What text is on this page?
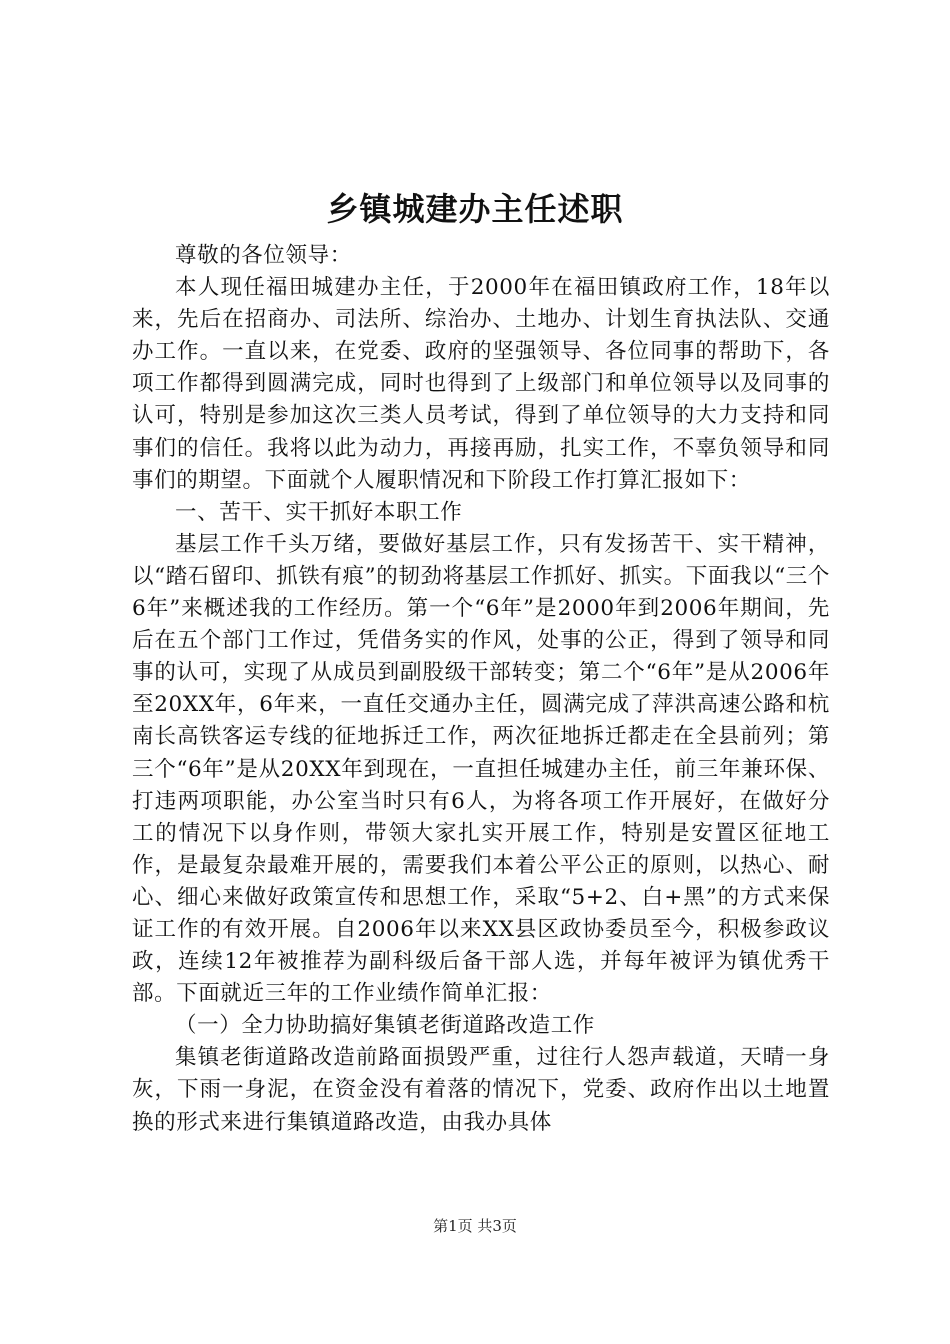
乡镇城建办主任述职

尊敬的各位领导：

本人现任福田城建办主任，于2000年在福田镇政府工作，18年以来，先后在招商办、司法所、综治办、土地办、计划生育执法队、交通办工作。一直以来，在党委、政府的坚强领导、各位同事的帮助下，各项工作都得到圆满完成，同时也得到了上级部门和单位领导以及同事的认可，特别是参加这次三类人员考试，得到了单位领导的大力支持和同事们的信任。我将以此为动力，再接再励，扎实工作，不辜负领导和同事们的期望。下面就个人履职情况和下阶段工作打算汇报如下：

一、苦干、实干抓好本职工作

基层工作千头万绪，要做好基层工作，只有发扬苦干、实干精神，以“踏石留印、抓铁有痕”的韧劲将基层工作抓好、抓实。下面我以“三个6年”来概述我的工作经历。第一个“6年”是2000年到2006年期间，先后在五个部门工作过，凭借务实的作风，处事的公正，得到了领导和同事的认可，实现了从成员到副股级干部转变；第二个“6年”是从2006年至20XX年，6年来，一直任交通办主任，圆满完成了萍洪高速公路和杭南长高铁客运专线的征地拆迁工作，两次征地拆迁都走在全县前列；第三个“6年”是从20XX年到现在，一直担任城建办主任，前三年兼环保、打违两项职能，办公室当时只有6人，为将各项工作开展好，在做好分工的情况下以身作则，带领大家扎实开展工作，特别是安置区征地工作，是最复杂最难开展的，需要我们本着公平公正的原则，以热心、耐心、细心来做好政策宣传和思想工作，采取“5+2、白+黑”的方式来保证工作的有效开展。自2006年以来XX县区政协委员至今，积极参政议政，连续12年被推荐为副科级后备干部人选，并每年被评为镇优秀干部。下面就近三年的工作业绩作简单汇报：

（一）全力协助搞好集镇老街道路改造工作

集镇老街道路改造前路面损毁严重，过往行人怨声载道，天晴一身灰，下雨一身泥，在资金没有着落的情况下，党委、政府作出以土地置换的形式来进行集镇道路改造，由我办具体

第1页 共3页
